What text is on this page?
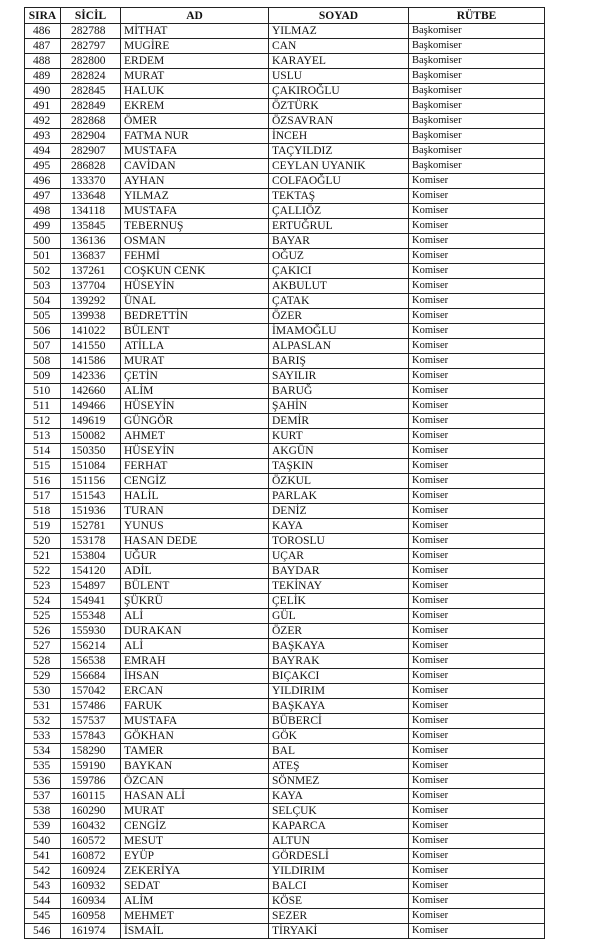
SIRA	SİCİL	AD	SOYAD	RÜTBE
486	282788	MİTHAT	YILMAZ	Başkomiser
487	282797	MUGİRE	CAN	Başkomiser
488	282800	ERDEM	KARAYEL	Başkomiser
489	282824	MURAT	USLU	Başkomiser
490	282845	HALUK	ÇAKIROĞLU	Başkomiser
491	282849	EKREM	ÖZTÜRK	Başkomiser
492	282868	ÖMER	ÖZSAVRAN	Başkomiser
493	282904	FATMA NUR	İNCEH	Başkomiser
494	282907	MUSTAFA	TAÇYILDIZ	Başkomiser
495	286828	CAVİDAN	CEYLAN UYANIK	Başkomiser
496	133370	AYHAN	COLFAOĞLU	Komiser
497	133648	YILMAZ	TEKTAŞ	Komiser
498	134118	MUSTAFA	ÇALLIÖZ	Komiser
499	135845	TEBERNUŞ	ERTUĞRUL	Komiser
500	136136	OSMAN	BAYAR	Komiser
501	136837	FEHMİ	OĞUZ	Komiser
502	137261	COŞKUN CENK	ÇAKICI	Komiser
503	137704	HÜSEYİN	AKBULUT	Komiser
504	139292	ÜNAL	ÇATAK	Komiser
505	139938	BEDRETTİN	ÖZER	Komiser
506	141022	BÜLENT	İMAMOĞLU	Komiser
507	141550	ATİLLA	ALPASLAN	Komiser
508	141586	MURAT	BARIŞ	Komiser
509	142336	ÇETİN	SAYILIR	Komiser
510	142660	ALİM	BARUĞ	Komiser
511	149466	HÜSEYİN	ŞAHİN	Komiser
512	149619	GÜNGÖR	DEMİR	Komiser
513	150082	AHMET	KURT	Komiser
514	150350	HÜSEYİN	AKGÜN	Komiser
515	151084	FERHAT	TAŞKIN	Komiser
516	151156	CENGİZ	ÖZKUL	Komiser
517	151543	HALİL	PARLAK	Komiser
518	151936	TURAN	DENİZ	Komiser
519	152781	YUNUS	KAYA	Komiser
520	153178	HASAN DEDE	TOROSLU	Komiser
521	153804	UĞUR	UÇAR	Komiser
522	154120	ADİL	BAYDAR	Komiser
523	154897	BÜLENT	TEKİNAY	Komiser
524	154941	ŞÜKRÜ	ÇELİK	Komiser
525	155348	ALİ	GÜL	Komiser
526	155930	DURAKAN	ÖZER	Komiser
527	156214	ALİ	BAŞKAYA	Komiser
528	156538	EMRAH	BAYRAK	Komiser
529	156684	İHSAN	BIÇAKCI	Komiser
530	157042	ERCAN	YILDIRIM	Komiser
531	157486	FARUK	BAŞKAYA	Komiser
532	157537	MUSTAFA	BÜBERCİ	Komiser
533	157843	GÖKHAN	GÖK	Komiser
534	158290	TAMER	BAL	Komiser
535	159190	BAYKAN	ATEŞ	Komiser
536	159786	ÖZCAN	SÖNMEZ	Komiser
537	160115	HASAN ALİ	KAYA	Komiser
538	160290	MURAT	SELÇUK	Komiser
539	160432	CENGİZ	KAPARCA	Komiser
540	160572	MESUT	ALTUN	Komiser
541	160872	EYÜP	GÖRDESLİ	Komiser
542	160924	ZEKERİYA	YILDIRIM	Komiser
543	160932	SEDAT	BALCI	Komiser
544	160934	ALİM	KÖSE	Komiser
545	160958	MEHMET	SEZER	Komiser
546	161974	İSMAİL	TİRYAKİ	Komiser
